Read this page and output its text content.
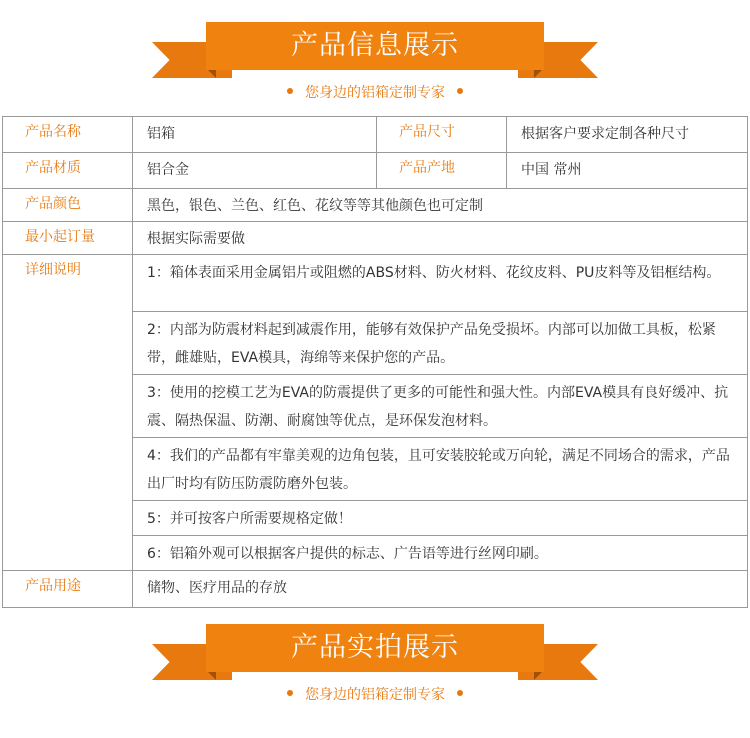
产品信息展示
您身边的铝箱定制专家
产品名称	铝箱	产品尺寸	根据客户要求定制各种尺寸
产品材质	铝合金	产品产地	中国 常州
产品颜色	黑色，银色、兰色、红色、花纹等等其他颜色也可定制		
最小起订量	根据实际需要做		
详细说明	1：箱体表面采用金属铝片或阻燃的ABS材料、防火材料、花纹皮料、PU皮料等及铝框结构。		
	2：内部为防震材料起到减震作用，能够有效保护产品免受损坏。内部可以加做工具板，松紧带，雌雄贴，EVA模具，海绵等来保护您的产品。		
	3：使用的挖模工艺为EVA的防震提供了更多的可能性和强大性。内部EVA模具有良好缓冲、抗震、隔热保温、防潮、耐腐蚀等优点，是环保发泡材料。		
	4：我们的产品都有牢靠美观的边角包装，且可安装胶轮或万向轮，满足不同场合的需求，产品出厂时均有防压防震防磨外包装。		
	5：并可按客户所需要规格定做！		
	6：铝箱外观可以根据客户提供的标志、广告语等进行丝网印刷。		
产品用途	储物、医疗用品的存放		
产品实拍展示
您身边的铝箱定制专家
